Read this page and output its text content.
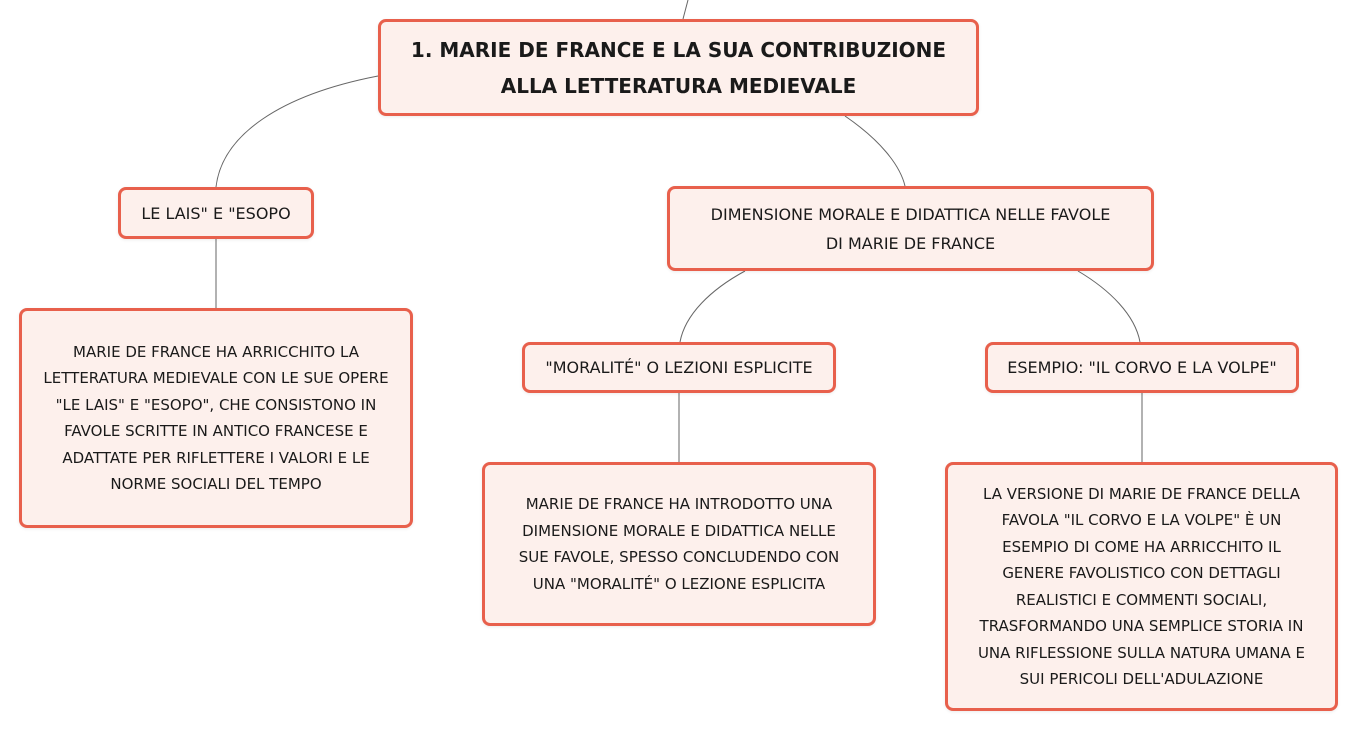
1. MARIE DE FRANCE E LA SUA CONTRIBUZIONE
ALLA LETTERATURA MEDIEVALE
LE LAIS" E "ESOPO	DIMENSIONE MORALE E DIDATTICA NELLE FAVOLE
DI MARIE DE FRANCE
MARIE DE FRANCE HA ARRICCHITO LA
LETTERATURA MEDIEVALE CON LE SUE OPERE
"LE LAIS" E "ESOPO", CHE CONSISTONO IN
FAVOLE SCRITTE IN ANTICO FRANCESE E
ADATTATE PER RIFLETTERE I VALORI E LE
NORME SOCIALI DEL TEMPO
"MORALITÉ" O LEZIONI ESPLICITE	ESEMPIO: "IL CORVO E LA VOLPE"
MARIE DE FRANCE HA INTRODOTTO UNA
DIMENSIONE MORALE E DIDATTICA NELLE
SUE FAVOLE, SPESSO CONCLUDENDO CON
UNA "MORALITÉ" O LEZIONE ESPLICITA
LA VERSIONE DI MARIE DE FRANCE DELLA
FAVOLA "IL CORVO E LA VOLPE" È UN
ESEMPIO DI COME HA ARRICCHITO IL
GENERE FAVOLISTICO CON DETTAGLI
REALISTICI E COMMENTI SOCIALI,
TRASFORMANDO UNA SEMPLICE STORIA IN
UNA RIFLESSIONE SULLA NATURA UMANA E
SUI PERICOLI DELL'ADULAZIONE
